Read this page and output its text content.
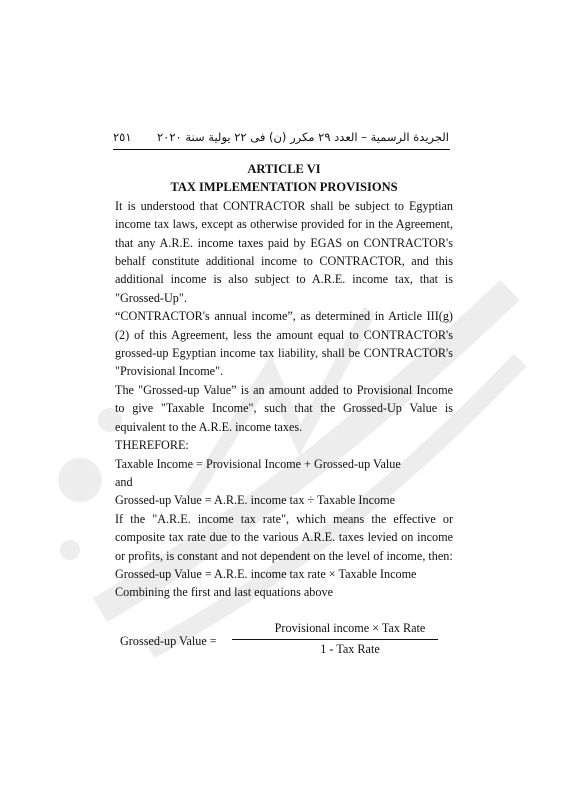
٢٥١ الجريدة الرسمية – العدد ٢٩ مكرر (ن) فى ٢٢ يولية سنة ٢٠٢٠
ARTICLE VI
TAX IMPLEMENTATION PROVISIONS

It is understood that CONTRACTOR shall be subject to Egyptian income tax laws, except as otherwise provided for in the Agreement, that any A.R.E. income taxes paid by EGAS on CONTRACTOR's behalf constitute additional income to CONTRACTOR, and this additional income is also subject to A.R.E. income tax, that is "Grossed-Up".

“CONTRACTOR's annual income”, as determined in Article III(g)(2) of this Agreement, less the amount equal to CONTRACTOR's grossed-up Egyptian income tax liability, shall be CONTRACTOR's "Provisional Income".

The "Grossed-up Value” is an amount added to Provisional Income to give "Taxable Income", such that the Grossed-Up Value is equivalent to the A.R.E. income taxes.

THEREFORE:

Taxable Income = Provisional Income + Grossed-up Value

and

Grossed-up Value = A.R.E. income tax ÷ Taxable Income

If the "A.R.E. income tax rate", which means the effective or composite tax rate due to the various A.R.E. taxes levied on income or profits, is constant and not dependent on the level of income, then:

Grossed-up Value = A.R.E. income tax rate × Taxable Income

Combining the first and last equations above

Grossed-up Value =
Provisional income × Tax Rate
1 - Tax Rate
